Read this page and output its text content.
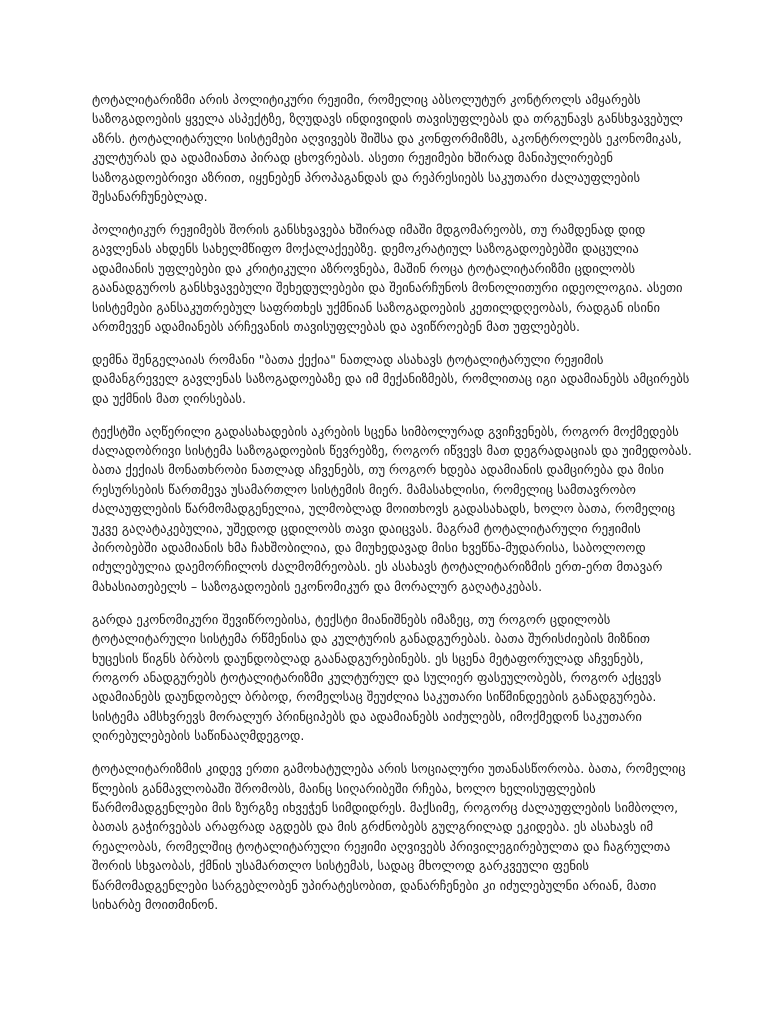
ტოტალიტარიზმი არის პოლიტიკური რეჟიმი, რომელიც აბსოლუტურ კონტროლს ამყარებს საზოგადოების ყველა ასპექტზე, ზღუდავს ინდივიდის თავისუფლებას და თრგუნავს განსხვავებულ აზრს. ტოტალიტარული სისტემები აღვივებს შიშსა და კონფორმიზმს, აკონტროლებს ეკონომიკას, კულტურას და ადამიანთა პირად ცხოვრებას. ასეთი რეჟიმები ხშირად მანიპულირებენ საზოგადოებრივი აზრით, იყენებენ პროპაგანდას და რეპრესიებს საკუთარი ძალაუფლების შესანარჩუნებლად.

პოლიტიკურ რეჟიმებს შორის განსხვავება ხშირად იმაში მდგომარეობს, თუ რამდენად დიდ გავლენას ახდენს სახელმწიფო მოქალაქეებზე. დემოკრატიულ საზოგადოებებში დაცულია ადამიანის უფლებები და კრიტიკული აზროვნება, მაშინ როცა ტოტალიტარიზმი ცდილობს გაანადგუროს განსხვავებული შეხედულებები და შეინარჩუნოს მონოლითური იდეოლოგია. ასეთი სისტემები განსაკუთრებულ საფრთხეს უქმნიან საზოგადოების კეთილდღეობას, რადგან ისინი ართმევენ ადამიანებს არჩევანის თავისუფლებას და ავიწროებენ მათ უფლებებს.

დემნა შენგელაიას რომანი "ბათა ქექია" ნათლად ასახავს ტოტალიტარული რეჟიმის დამანგრეველ გავლენას საზოგადოებაზე და იმ მექანიზმებს, რომლითაც იგი ადამიანებს ამცირებს და უქმნის მათ ღირსებას.

ტექსტში აღწერილი გადასახადების აკრების სცენა სიმბოლურად გვიჩვენებს, როგორ მოქმედებს ძალადობრივი სისტემა საზოგადოების წევრებზე, როგორ იწვევს მათ დეგრადაციას და უიმედობას. ბათა ქექიას მონათხრობი ნათლად აჩვენებს, თუ როგორ ხდება ადამიანის დამცირება და მისი რესურსების წართმევა უსამართლო სისტემის მიერ. მამასახლისი, რომელიც სამთავრობო ძალაუფლების წარმომადგენელია, ულმობლად მოითხოვს გადასახადს, ხოლო ბათა, რომელიც უკვე გაღატაკებულია, უშედოდ ცდილობს თავი დაიცვას. მაგრამ ტოტალიტარული რეჟიმის პირობებში ადამიანის ხმა ჩახშობილია, და მიუხედავად მისი ხვეწნა-მუდარისა, საბოლოოდ იძულებულია დაემორჩილოს ძალმომრეობას. ეს ასახავს ტოტალიტარიზმის ერთ-ერთ მთავარ მახასიათებელს – საზოგადოების ეკონომიკურ და მორალურ გაღატაკებას.

გარდა ეკონომიკური შევიწროებისა, ტექსტი მიანიშნებს იმაზეც, თუ როგორ ცდილობს ტოტალიტარული სისტემა რწმენისა და კულტურის განადგურებას. ბათა შურისძიების მიზნით ხუცესის წიგნს ბრბოს დაუნდობლად გაანადგურებინებს. ეს სცენა მეტაფორულად აჩვენებს, როგორ ანადგურებს ტოტალიტარიზმი კულტურულ და სულიერ ფასეულობებს, როგორ აქცევს ადამიანებს დაუნდობელ ბრბოდ, რომელსაც შეუძლია საკუთარი სიწმინდეების განადგურება. სისტემა ამსხვრევს მორალურ პრინციპებს და ადამიანებს აიძულებს, იმოქმედონ საკუთარი ღირებულებების საწინააღმდეგოდ.

ტოტალიტარიზმის კიდევ ერთი გამოხატულება არის სოციალური უთანასწორობა. ბათა, რომელიც წლების განმავლობაში შრომობს, მაინც სიღარიბეში რჩება, ხოლო ხელისუფლების წარმომადგენლები მის ზურგზე იხვეჭენ სიმდიდრეს. მაქსიმე, როგორც ძალაუფლების სიმბოლო, ბათას გაჭირვებას არაფრად აგდებს და მის გრძნობებს გულგრილად ეკიდება. ეს ასახავს იმ რეალობას, რომელშიც ტოტალიტარული რეჟიმი აღვივებს პრივილეგირებულთა და ჩაგრულთა შორის სხვაობას, ქმნის უსამართლო სისტემას, სადაც მხოლოდ გარკვეული ფენის წარმომადგენლები სარგებლობენ უპირატესობით, დანარჩენები კი იძულებულნი არიან, მათი სიხარბე მოითმინონ.
